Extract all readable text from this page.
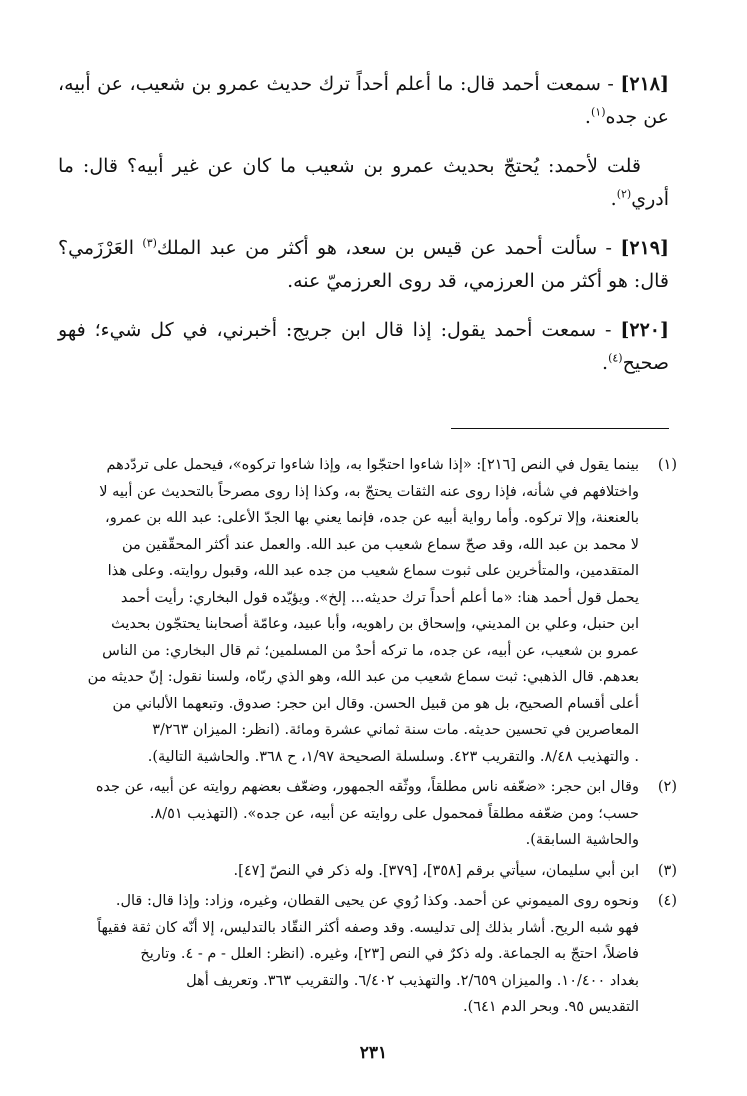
[٢١٨] - سمعت أحمد قال: ما أعلم أحداً ترك حديث عمرو بن شعيب، عن أبيه، عن جده$^{(١)}$.

قلت لأحمد: يُحتجّ بحديث عمرو بن شعيب ما كان عن غير أبيه؟ قال: ما أدري$^{(٢)}$.

[٢١٩] - سألت أحمد عن قيس بن سعد، هو أكثر من عبد الملك$^{(٣)}$ العَرْزَمي؟ قال: هو أكثر من العرزمي، قد روى العرزميّ عنه.

[٢٢٠] - سمعت أحمد يقول: إذا قال ابن جريج: أخبرني، في كل شيء؛ فهو صحيح$^{(٤)}$.

(١)
بينما يقول في النص [٢١٦]: «إذا شاءوا احتجّوا به، وإذا شاءوا تركوه»، فيحمل على تردّدهم
واختلافهم في شأنه، فإذا روى عنه الثقات يحتجّ به، وكذا إذا روى مصرحاً بالتحديث عن أبيه لا
بالعنعنة، وإلا تركوه. وأما رواية أبيه عن جده، فإنما يعني بها الجدّ الأعلى: عبد الله بن عمرو،
لا محمد بن عبد الله، وقد صحّ سماع شعيب من عبد الله. والعمل عند أكثر المحقّقين من
المتقدمين، والمتأخرين على ثبوت سماع شعيب من جده عبد الله، وقبول روايته. وعلى هذا
يحمل قول أحمد هنا: «ما أعلم أحداً ترك حديثه... إلخ». ويؤيّده قول البخاري: رأيت أحمد
ابن حنبل، وعلي بن المديني، وإسحاق بن راهويه، وأبا عبيد، وعامّة أصحابنا يحتجّون بحديث
عمرو بن شعيب، عن أبيه، عن جده، ما تركه أحدٌ من المسلمين؛ ثم قال البخاري: من الناس
بعدهم. قال الذهبي: ثبت سماع شعيب من عبد الله، وهو الذي ربّاه، ولسنا نقول: إنّ حديثه من
أعلى أقسام الصحيح، بل هو من قبيل الحسن. وقال ابن حجر: صدوق. وتبعهما الألباني من
المعاصرين في تحسين حديثه. مات سنة ثماني عشرة ومائة. (انظر: الميزان ٣/٢٦٣
. والتهذيب ٨/٤٨. والتقريب ٤٢٣. وسلسلة الصحيحة ١/٩٧، ح ٣٦٨. والحاشية التالية).
(٢)
وقال ابن حجر: «ضعّفه ناس مطلقاً، ووثّقه الجمهور، وضعّف بعضهم روايته عن أبيه، عن جده
حسب؛ ومن ضعّفه مطلقاً فمحمول على روايته عن أبيه، عن جده». (التهذيب ٨/٥١.
والحاشية السابقة).
(٣)
ابن أبي سليمان، سيأتي برقم [٣٥٨]، [٣٧٩]. وله ذكر في النصّ [٤٧].
(٤)
ونحوه روى الميموني عن أحمد. وكذا رُوي عن يحيى القطان، وغيره، وزاد: وإذا قال: قال.
فهو شبه الريح. أشار بذلك إلى تدليسه. وقد وصفه أكثر النقّاد بالتدليس، إلا أنّه كان ثقة فقيهاً
فاضلاً، احتجّ به الجماعة. وله ذكرٌ في النص [٢٣]، وغيره. (انظر: العلل - م - ٤. وتاريخ
بغداد ١٠/٤٠٠. والميزان ٢/٦٥٩. والتهذيب ٦/٤٠٢. والتقريب ٣٦٣. وتعريف أهل
التقديس ٩٥. وبحر الدم ٦٤١).
٢٣١
